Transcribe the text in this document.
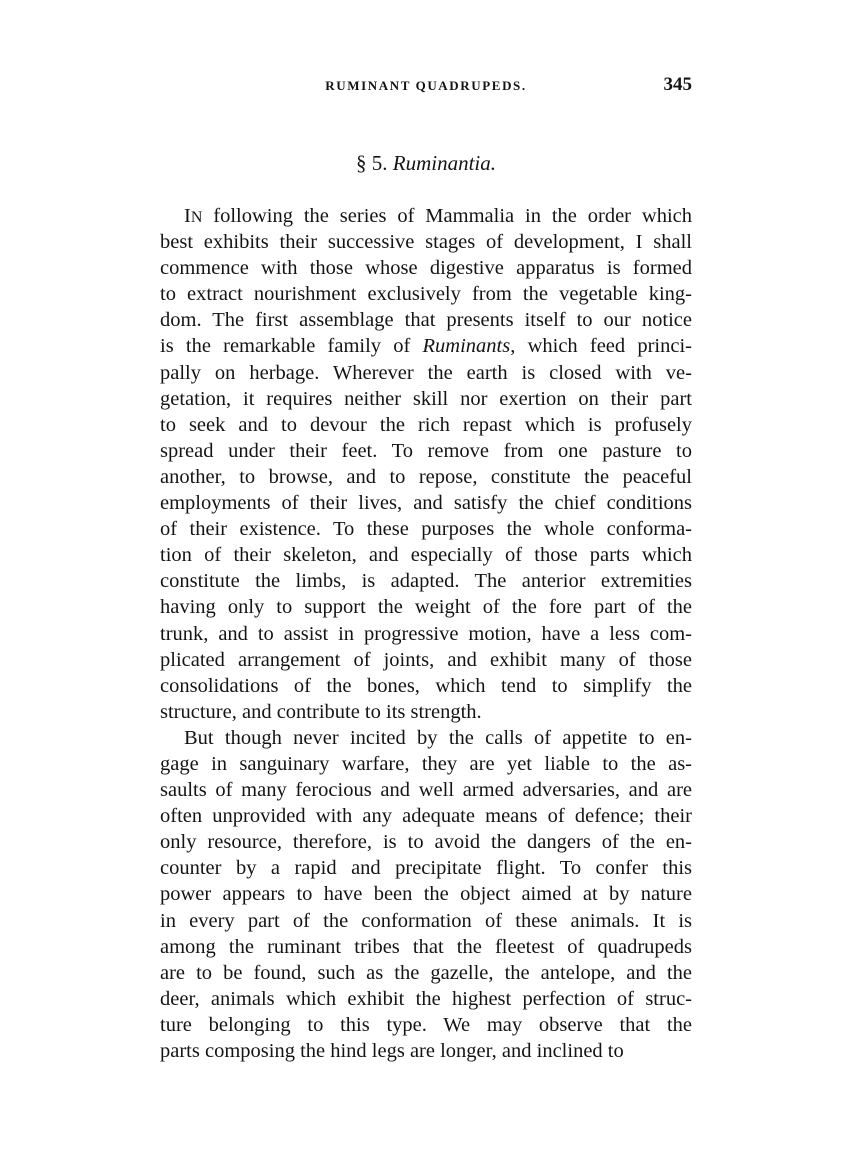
RUMINANT QUADRUPEDS.	345
§ 5. Ruminantia.
IN following the series of Mammalia in the order which
best exhibits their successive stages of development, I shall
commence with those whose digestive apparatus is formed
to extract nourishment exclusively from the vegetable king-
dom. The first assemblage that presents itself to our notice
is the remarkable family of Ruminants, which feed princi-
pally on herbage. Wherever the earth is closed with ve-
getation, it requires neither skill nor exertion on their part
to seek and to devour the rich repast which is profusely
spread under their feet. To remove from one pasture to
another, to browse, and to repose, constitute the peaceful
employments of their lives, and satisfy the chief conditions
of their existence. To these purposes the whole conforma-
tion of their skeleton, and especially of those parts which
constitute the limbs, is adapted. The anterior extremities
having only to support the weight of the fore part of the
trunk, and to assist in progressive motion, have a less com-
plicated arrangement of joints, and exhibit many of those
consolidations of the bones, which tend to simplify the
structure, and contribute to its strength.
But though never incited by the calls of appetite to en-
gage in sanguinary warfare, they are yet liable to the as-
saults of many ferocious and well armed adversaries, and are
often unprovided with any adequate means of defence; their
only resource, therefore, is to avoid the dangers of the en-
counter by a rapid and precipitate flight. To confer this
power appears to have been the object aimed at by nature
in every part of the conformation of these animals. It is
among the ruminant tribes that the fleetest of quadrupeds
are to be found, such as the gazelle, the antelope, and the
deer, animals which exhibit the highest perfection of struc-
ture belonging to this type. We may observe that the
parts composing the hind legs are longer, and inclined to
